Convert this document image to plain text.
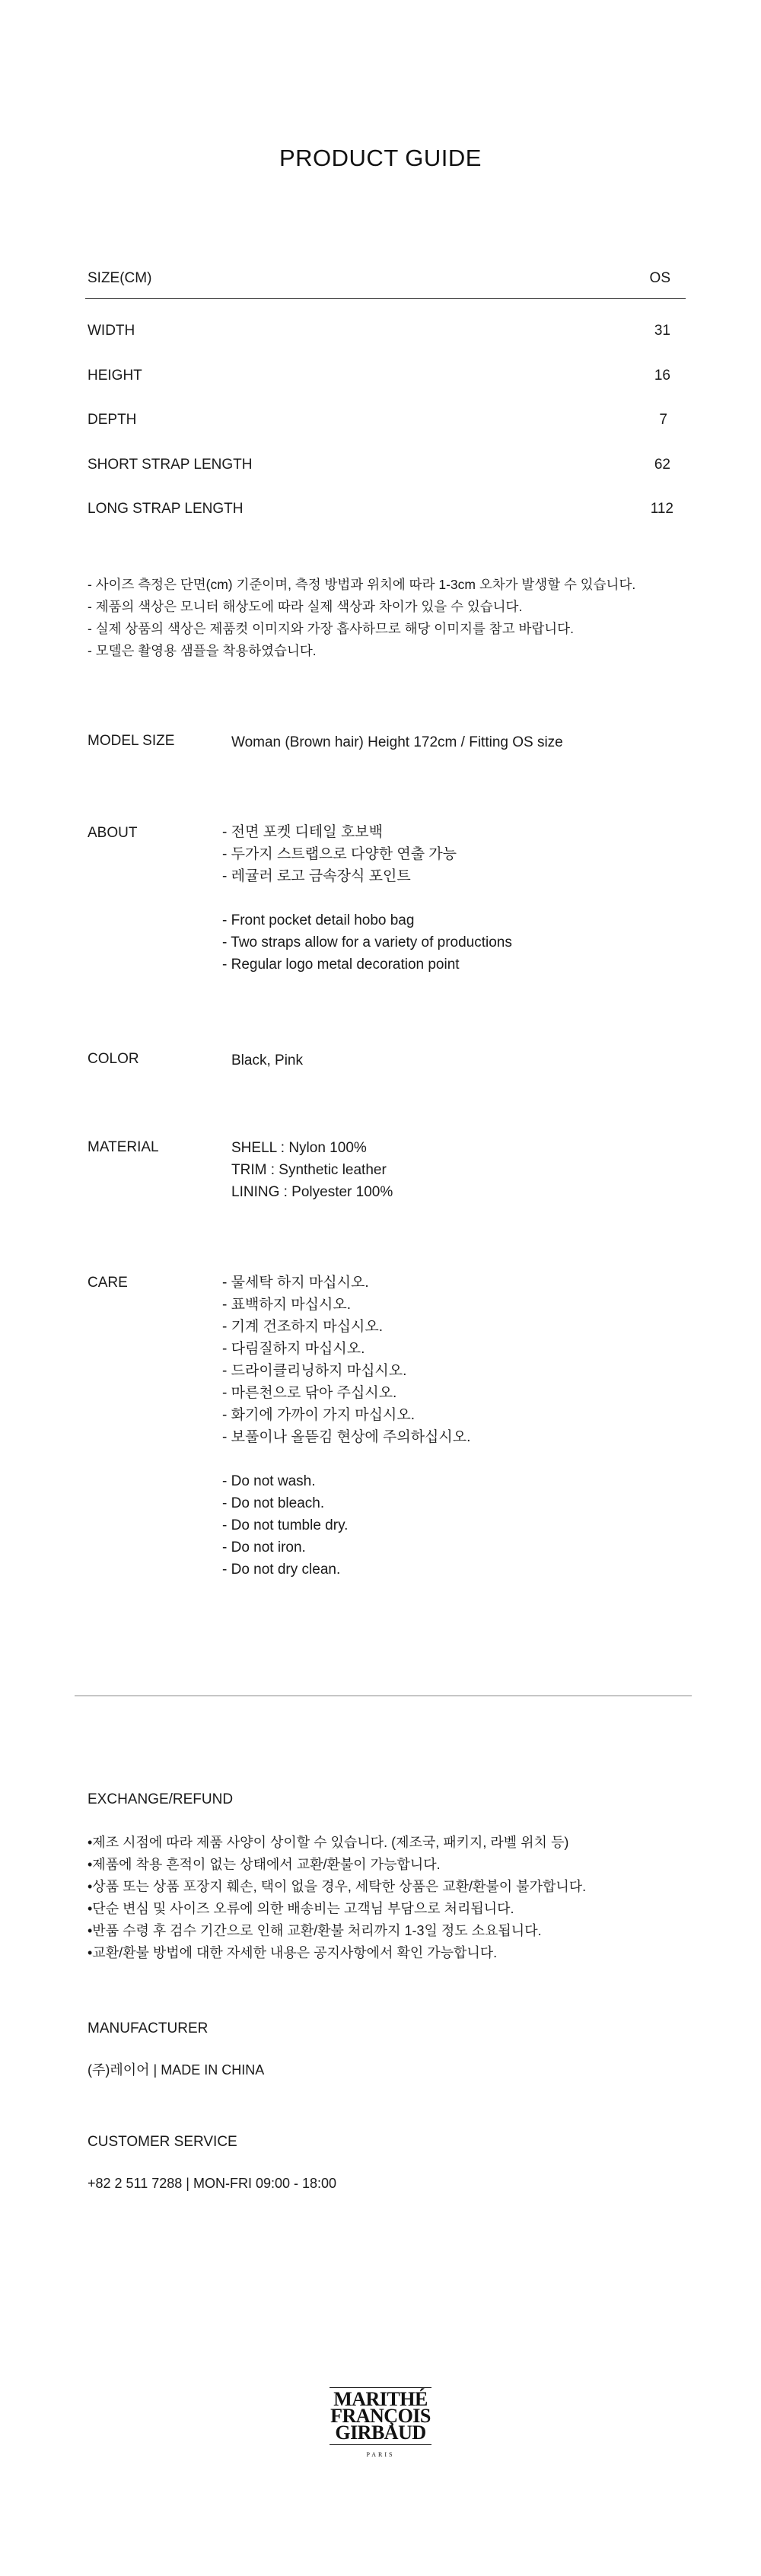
PRODUCT GUIDE
SIZE(CM)	OS
WIDTH	31
HEIGHT	16
DEPTH	7
SHORT STRAP LENGTH	62
LONG STRAP LENGTH	112
- 사이즈 측정은 단면(cm) 기준이며, 측정 방법과 위치에 따라 1-3cm 오차가 발생할 수 있습니다.
- 제품의 색상은 모니터 해상도에 따라 실제 색상과 차이가 있을 수 있습니다.
- 실제 상품의 색상은 제품컷 이미지와 가장 흡사하므로 해당 이미지를 참고 바랍니다.
- 모델은 촬영용 샘플을 착용하였습니다.
MODEL SIZE	Woman (Brown hair) Height 172cm / Fitting OS size
ABOUT	- 전면 포켓 디테일 호보백
- 두가지 스트랩으로 다양한 연출 가능
- 레귤러 로고 금속장식 포인트
- Front pocket detail hobo bag
- Two straps allow for a variety of productions
- Regular logo metal decoration point
COLOR	Black, Pink
MATERIAL	SHELL : Nylon 100%
TRIM : Synthetic leather
LINING : Polyester 100%
CARE	- 물세탁 하지 마십시오.
- 표백하지 마십시오.
- 기계 건조하지 마십시오.
- 다림질하지 마십시오.
- 드라이클리닝하지 마십시오.
- 마른천으로 닦아 주십시오.
- 화기에 가까이 가지 마십시오.
- 보풀이나 올뜯김 현상에 주의하십시오.
- Do not wash.
- Do not bleach.
- Do not tumble dry.
- Do not iron.
- Do not dry clean.
EXCHANGE/REFUND
•제조 시점에 따라 제품 사양이 상이할 수 있습니다. (제조국, 패키지, 라벨 위치 등)
•제품에 착용 흔적이 없는 상태에서 교환/환불이 가능합니다.
•상품 또는 상품 포장지 훼손, 택이 없을 경우, 세탁한 상품은 교환/환불이 불가합니다.
•단순 변심 및 사이즈 오류에 의한 배송비는 고객님 부담으로 처리됩니다.
•반품 수령 후 검수 기간으로 인해 교환/환불 처리까지 1-3일 정도 소요됩니다.
•교환/환불 방법에 대한 자세한 내용은 공지사항에서 확인 가능합니다.
MANUFACTURER
(주)레이어 | MADE IN CHINA
CUSTOMER SERVICE
+82 2 511 7288 | MON-FRI 09:00 - 18:00
MARITHÉ
FRANÇOIS
GIRBAUD
PARIS
